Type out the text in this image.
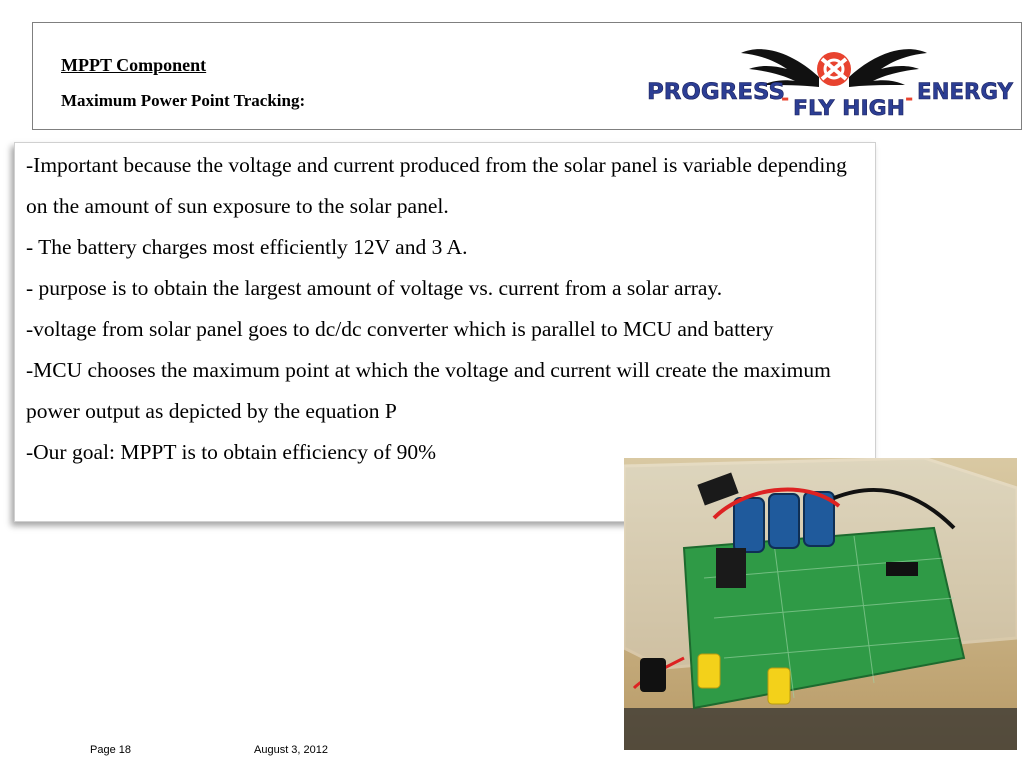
MPPT Component
Maximum Power Point Tracking:	PROGRESS
- FLY HIGH - ENERGY

-Important because the voltage and current produced from the solar panel is variable depending on the amount of sun exposure to the solar panel.

- The battery charges most efficiently 12V and 3 A.

- purpose is to obtain the largest amount of voltage vs. current from a solar array.

-voltage from solar panel goes to dc/dc converter which is parallel to MCU and battery

-MCU chooses the maximum point at which the voltage and current will create the maximum power output as depicted by the equation P

-Our goal: MPPT is to obtain efficiency of 90%

Page 18	August 3, 2012
